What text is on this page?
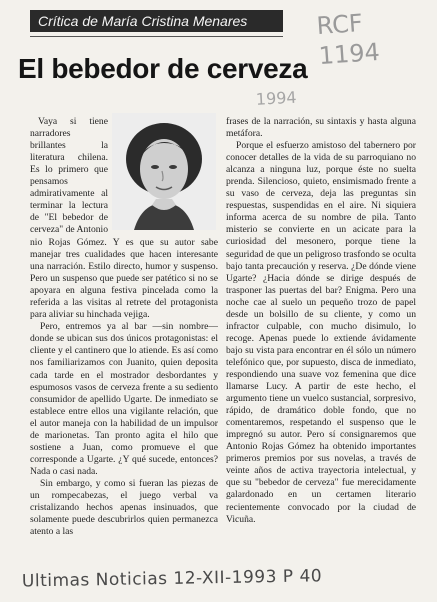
Crítica de María Cristina Menares	RCF
1194
El bebedor de cerveza
1994

Vaya si tiene narradores brillantes la literatura chilena. Es lo primero que pensamos admirativamente al terminar la lectura de "El bebedor de cerveza" de Antonio

nio Rojas Gómez. Y es que su autor sabe manejar tres cualidades que hacen interesante una narración. Estilo directo, humor y suspenso. Pero un suspenso que puede ser patético si no se apoyara en alguna festiva pincelada como la referida a las visitas al retrete del protagonista para aliviar su hinchada vejiga.

Pero, entremos ya al bar —sin nombre— donde se ubican sus dos únicos protagonistas: el cliente y el cantinero que lo atiende. Es así como nos familiarizamos con Juanito, quien deposita cada tarde en el mostrador desbordantes y espumosos vasos de cerveza frente a su sediento consumidor de apellido Ugarte. De inmediato se establece entre ellos una vigilante relación, que el autor maneja con la habilidad de un impulsor de marionetas. Tan pronto agita el hilo que sostiene a Juan, como promueve el que corresponde a Ugarte. ¿Y qué sucede, entonces? Nada o casi nada.

Sin embargo, y como si fueran las piezas de un rompecabezas, el juego verbal va cristalizando hechos apenas insinuados, que solamente puede descubrirlos quien permanezca atento a las

frases de la narración, su sintaxis y hasta alguna metáfora.

Porque el esfuerzo amistoso del tabernero por conocer detalles de la vida de su parroquiano no alcanza a ninguna luz, porque éste no suelta prenda. Silencioso, quieto, ensimismado frente a su vaso de cerveza, deja las preguntas sin respuestas, suspendidas en el aire. Ni siquiera informa acerca de su nombre de pila. Tanto misterio se convierte en un acicate para la curiosidad del mesonero, porque tiene la seguridad de que un peligroso trasfondo se oculta bajo tanta precaución y reserva. ¿De dónde viene Ugarte? ¿Hacia dónde se dirige después de trasponer las puertas del bar? Enigma. Pero una noche cae al suelo un pequeño trozo de papel desde un bolsillo de su cliente, y como un infractor culpable, con mucho disimulo, lo recoge. Apenas puede lo extiende ávidamente bajo su vista para encontrar en él sólo un número telefónico que, por supuesto, disca de inmediato, respondiendo una suave voz femenina que dice llamarse Lucy. A partir de este hecho, el argumento tiene un vuelco sustancial, sorpresivo, rápido, de dramático doble fondo, que no comentaremos, respetando el suspenso que le impregnó su autor. Pero sí consignaremos que Antonio Rojas Gómez ha obtenido importantes primeros premios por sus novelas, a través de veinte años de activa trayectoria intelectual, y que su "bebedor de cerveza" fue merecidamente galardonado en un certamen literario recientemente convocado por la ciudad de Vicuña.

Ultimas Noticias 12-XII-1993 P 40
